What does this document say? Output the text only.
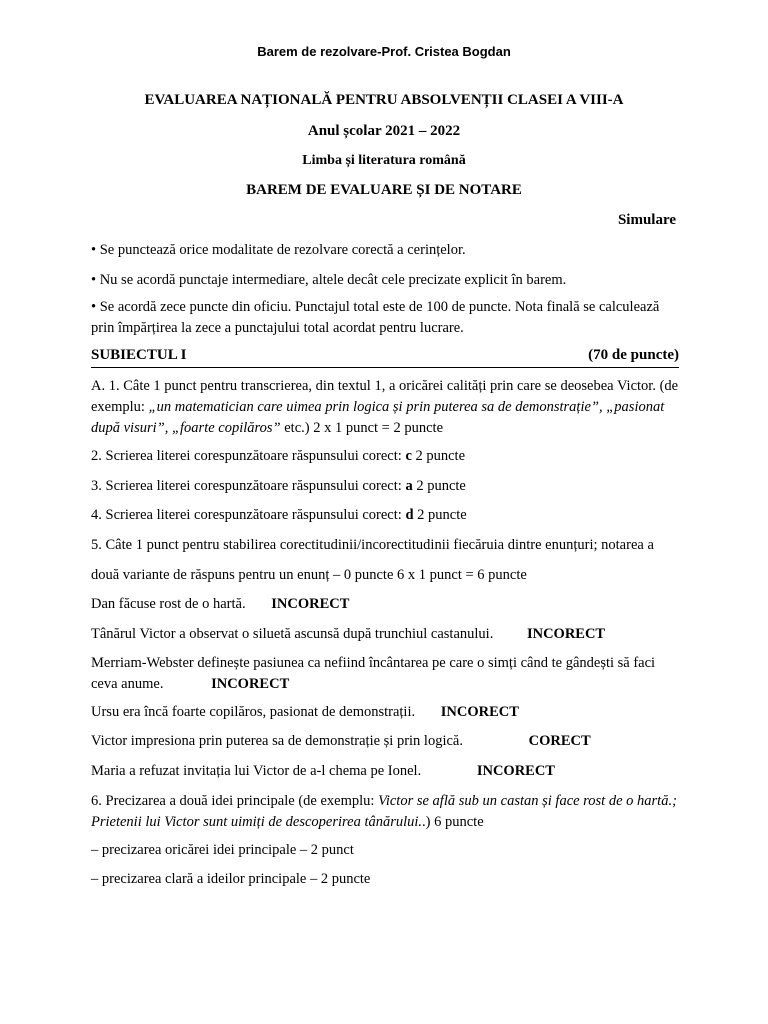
Barem de rezolvare-Prof. Cristea Bogdan
EVALUAREA NAȚIONALĂ PENTRU ABSOLVENȚII CLASEI A VIII-A
Anul școlar 2021 – 2022
Limba și literatura română
BAREM DE EVALUARE ȘI DE NOTARE
Simulare
• Se punctează orice modalitate de rezolvare corectă a cerințelor.
• Nu se acordă punctaje intermediare, altele decât cele precizate explicit în barem.
• Se acordă zece puncte din oficiu. Punctajul total este de 100 de puncte. Nota finală se calculează prin împărțirea la zece a punctajului total acordat pentru lucrare.
SUBIECTUL I	(70 de puncte)
A. 1. Câte 1 punct pentru transcrierea, din textul 1, a oricărei calități prin care se deosebea Victor. (de exemplu: „un matematician care uimea prin logica și prin puterea sa de demonstrație”, „pasionat după visuri”, „foarte copilăros” etc.) 2 x 1 punct = 2 puncte
2. Scrierea literei corespunzătoare răspunsului corect: c 2 puncte
3. Scrierea literei corespunzătoare răspunsului corect: a 2 puncte
4. Scrierea literei corespunzătoare răspunsului corect: d 2 puncte
5. Câte 1 punct pentru stabilirea corectitudinii/incorectitudinii fiecăruia dintre enunțuri; notarea a
două variante de răspuns pentru un enunț – 0 puncte 6 x 1 punct = 6 puncte
Dan făcuse rost de o hartă. INCORECT
Tânărul Victor a observat o siluetă ascunsă după trunchiul castanului. INCORECT
Merriam-Webster definește pasiunea ca nefiind încântarea pe care o simți când te gândești să faci
ceva anume.	INCORECT
Ursu era încă foarte copilăros, pasionat de demonstrații. INCORECT
Victor impresiona prin puterea sa de demonstrație și prin logică.	CORECT
Maria a refuzat invitația lui Victor de a-l chema pe Ionel.	INCORECT
6. Precizarea a două idei principale (de exemplu: Victor se află sub un castan și face rost de o hartă.; Prietenii lui Victor sunt uimiți de descoperirea tânărului..) 6 puncte
– precizarea oricărei idei principale – 2 punct
– precizarea clară a ideilor principale – 2 puncte
